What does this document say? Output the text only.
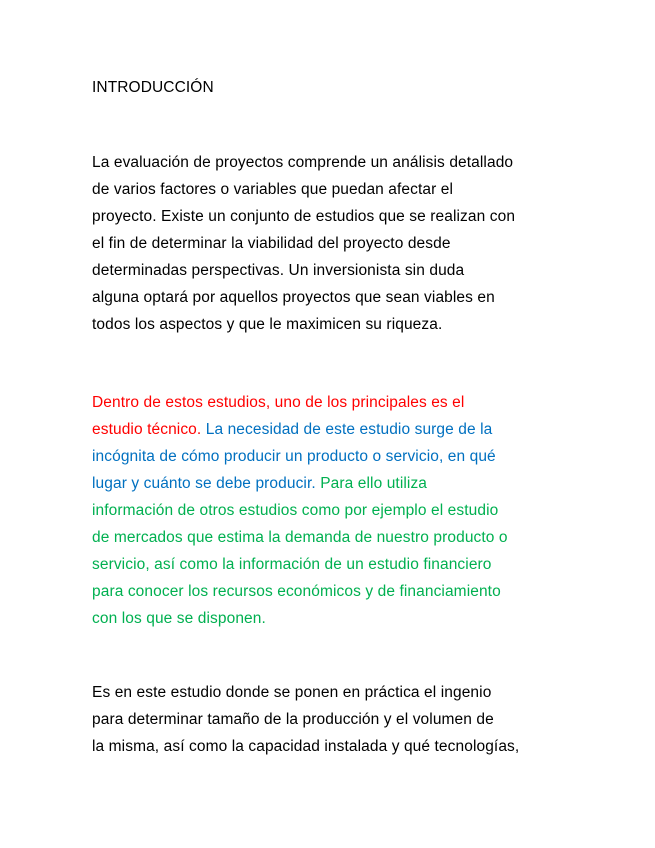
INTRODUCCIÓN
La evaluación de proyectos comprende un análisis detallado
de varios factores o variables que puedan afectar el
proyecto. Existe un conjunto de estudios que se realizan con
el fin de determinar la viabilidad del proyecto desde
determinadas perspectivas. Un inversionista sin duda
alguna optará por aquellos proyectos que sean viables en
todos los aspectos y que le maximicen su riqueza.
Dentro de estos estudios, uno de los principales es el
estudio técnico. La necesidad de este estudio surge de la
incógnita de cómo producir un producto o servicio, en qué
lugar y cuánto se debe producir. Para ello utiliza
información de otros estudios como por ejemplo el estudio
de mercados que estima la demanda de nuestro producto o
servicio, así como la información de un estudio financiero
para conocer los recursos económicos y de financiamiento
con los que se disponen.
Es en este estudio donde se ponen en práctica el ingenio
para determinar tamaño de la producción y el volumen de
la misma, así como la capacidad instalada y qué tecnologías,
